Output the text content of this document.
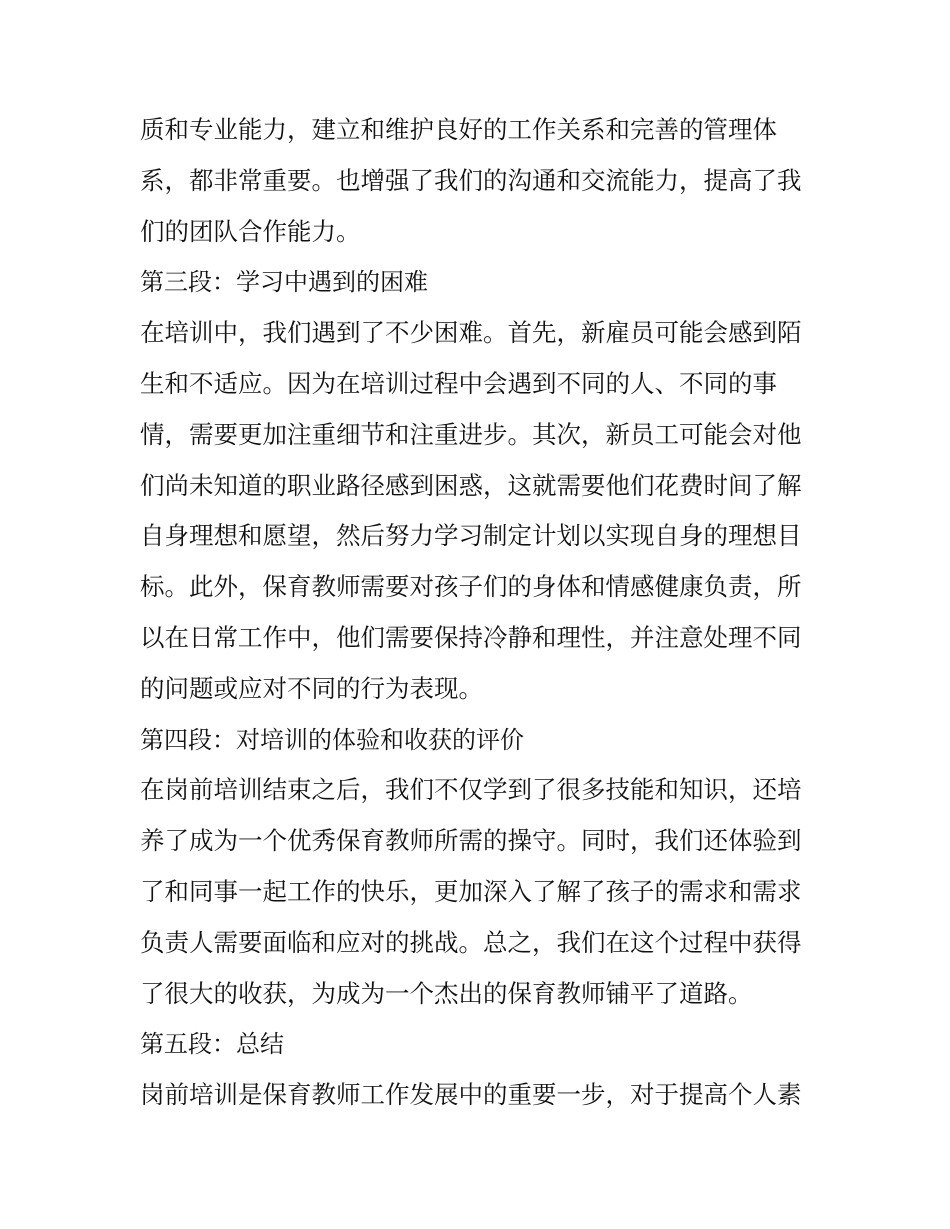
质和专业能力，建立和维护良好的工作关系和完善的管理体
系，都非常重要。也增强了我们的沟通和交流能力，提高了我
们的团队合作能力。
第三段：学习中遇到的困难
在培训中，我们遇到了不少困难。首先，新雇员可能会感到陌
生和不适应。因为在培训过程中会遇到不同的人、不同的事
情，需要更加注重细节和注重进步。其次，新员工可能会对他
们尚未知道的职业路径感到困惑，这就需要他们花费时间了解
自身理想和愿望，然后努力学习制定计划以实现自身的理想目
标。此外，保育教师需要对孩子们的身体和情感健康负责，所
以在日常工作中，他们需要保持冷静和理性，并注意处理不同
的问题或应对不同的行为表现。
第四段：对培训的体验和收获的评价
在岗前培训结束之后，我们不仅学到了很多技能和知识，还培
养了成为一个优秀保育教师所需的操守。同时，我们还体验到
了和同事一起工作的快乐，更加深入了解了孩子的需求和需求
负责人需要面临和应对的挑战。总之，我们在这个过程中获得
了很大的收获，为成为一个杰出的保育教师铺平了道路。
第五段：总结
岗前培训是保育教师工作发展中的重要一步，对于提高个人素
